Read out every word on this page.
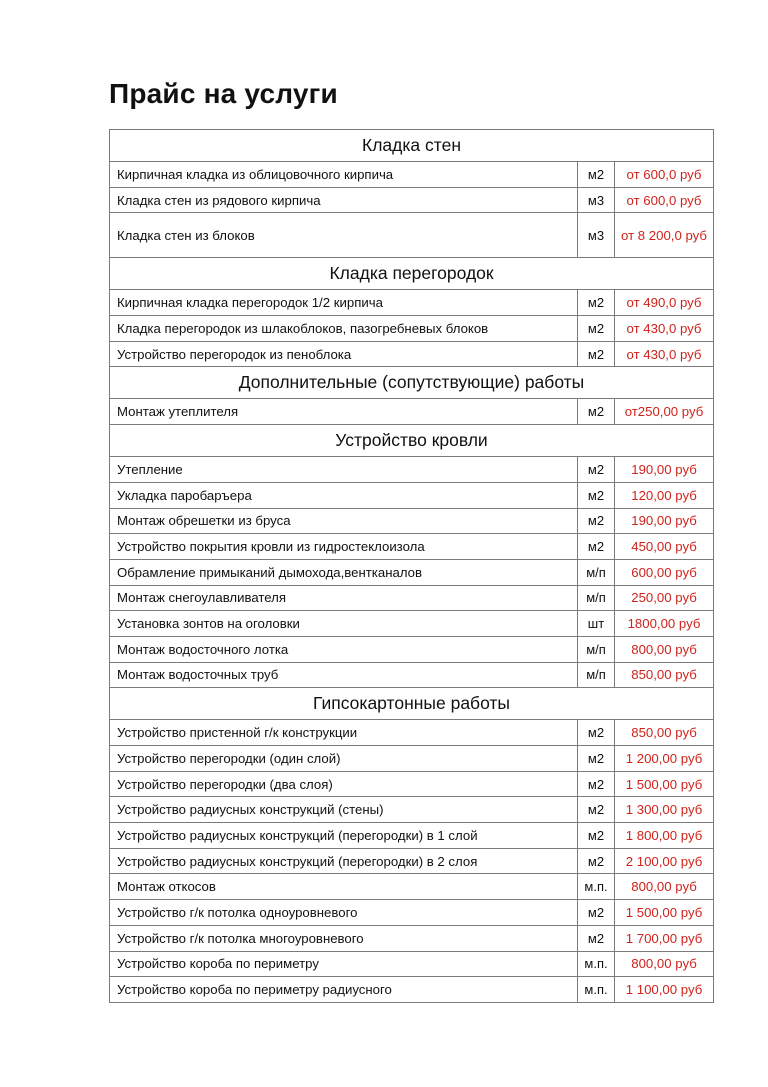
Прайс на услуги
Кладка стен		
Кирпичная кладка из облицовочного кирпича	м2	от 600,0 руб
Кладка стен из рядового кирпича	м3	от 600,0 руб
Кладка стен из блоков	м3	от 8 200,0 руб
Кладка перегородок		
Кирпичная кладка перегородок 1/2 кирпича	м2	от 490,0 руб
Кладка перегородок из шлакоблоков, пазогребневых блоков	м2	от 430,0 руб
Устройство перегородок из пеноблока	м2	от 430,0 руб
Дополнительные (сопутствующие) работы		
Монтаж утеплителя	м2	от250,00 руб
Устройство кровли		
Утепление	м2	190,00 руб
Укладка паробаръера	м2	120,00 руб
Монтаж обрешетки из бруса	м2	190,00 руб
Устройство покрытия кровли из гидростеклоизола	м2	450,00 руб
Обрамление примыканий дымохода,вентканалов	м/п	600,00 руб
Монтаж снегоулавливателя	м/п	250,00 руб
Установка зонтов на оголовки	шт	1800,00 руб
Монтаж водосточного лотка	м/п	800,00 руб
Монтаж водосточных труб	м/п	850,00 руб
Гипсокартонные работы		
Устройство пристенной г/к конструкции	м2	850,00 руб
Устройство перегородки (один слой)	м2	1 200,00 руб
Устройство перегородки (два слоя)	м2	1 500,00 руб
Устройство радиусных конструкций (стены)	м2	1 300,00 руб
Устройство радиусных конструкций (перегородки) в 1 слой	м2	1 800,00 руб
Устройство радиусных конструкций (перегородки) в 2 слоя	м2	2 100,00 руб
Монтаж откосов	м.п.	800,00 руб
Устройство г/к потолка одноуровневого	м2	1 500,00 руб
Устройство г/к потолка многоуровневого	м2	1 700,00 руб
Устройство короба по периметру	м.п.	800,00 руб
Устройство короба по периметру радиусного	м.п.	1 100,00 руб
